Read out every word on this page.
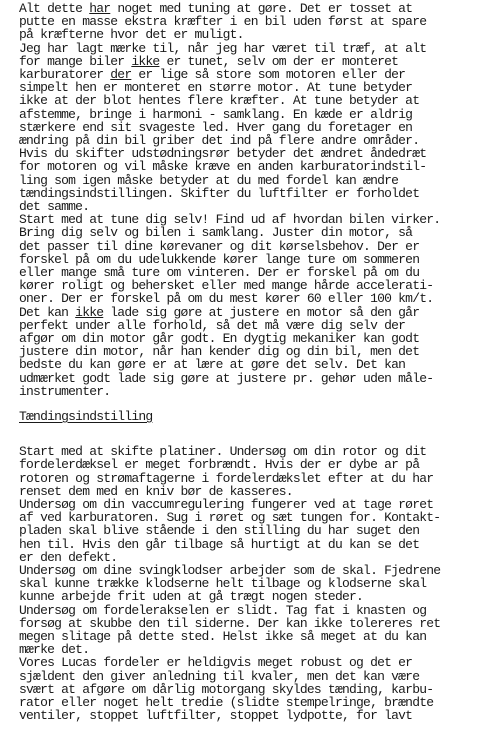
Alt dette har noget med tuning at gøre. Det er tosset at
putte en masse ekstra kræfter i en bil uden først at spare
på kræfterne hvor det er muligt.
Jeg har lagt mærke til, når jeg har været til træf, at alt
for mange biler ikke er tunet, selv om der er monteret
karburatorer der er lige så store som motoren eller der
simpelt hen er monteret en større motor. At tune betyder
ikke at der blot hentes flere kræfter. At tune betyder at
afstemme, bringe i harmoni - samklang. En kæde er aldrig
stærkere end sit svageste led. Hver gang du foretager en
ændring på din bil griber det ind på flere andre områder.
Hvis du skifter udstødningsrør betyder det ændret åndedræt
for motoren og vil måske kræve en anden karburatorindstil-
ling som igen måske betyder at du med fordel kan ændre
tændingsindstillingen. Skifter du luftfilter er forholdet
det samme.
Start med at tune dig selv! Find ud af hvordan bilen virker.
Bring dig selv og bilen i samklang. Juster din motor, så
det passer til dine kørevaner og dit kørselsbehov. Der er
forskel på om du udelukkende kører lange ture om sommeren
eller mange små ture om vinteren. Der er forskel på om du
kører roligt og behersket eller med mange hårde accelerati-
oner. Der er forskel på om du mest kører 60 eller 100 km/t.
Det kan ikke lade sig gøre at justere en motor så den går
perfekt under alle forhold, så det må være dig selv der
afgør om din motor går godt. En dygtig mekaniker kan godt
justere din motor, når han kender dig og din bil, men det
bedste du kan gøre er at lære at gøre det selv. Det kan
udmærket godt lade sig gøre at justere pr. gehør uden måle-
instrumenter.
Tændingsindstilling
Start med at skifte platiner. Undersøg om din rotor og dit
fordelerdæksel er meget forbrændt. Hvis der er dybe ar på
rotoren og strømaftagerne i fordelerdækslet efter at du har
renset dem med en kniv bør de kasseres.
Undersøg om din vaccumregulering fungerer ved at tage røret
af ved karburatoren. Sug i røret og sæt tungen for. Kontakt-
pladen skal blive stående i den stilling du har suget den
hen til. Hvis den går tilbage så hurtigt at du kan se det
er den defekt.
Undersøg om dine svingklodser arbejder som de skal. Fjedrene
skal kunne trække klodserne helt tilbage og klodserne skal
kunne arbejde frit uden at gå trægt nogen steder.
Undersøg om fordelerakselen er slidt. Tag fat i knasten og
forsøg at skubbe den til siderne. Der kan ikke tolereres ret
megen slitage på dette sted. Helst ikke så meget at du kan
mærke det.
Vores Lucas fordeler er heldigvis meget robust og det er
sjældent den giver anledning til kvaler, men det kan være
svært at afgøre om dårlig motorgang skyldes tænding, karbu-
rator eller noget helt tredie (slidte stempelringe, brændte
ventiler, stoppet luftfilter, stoppet lydpotte, for lavt
